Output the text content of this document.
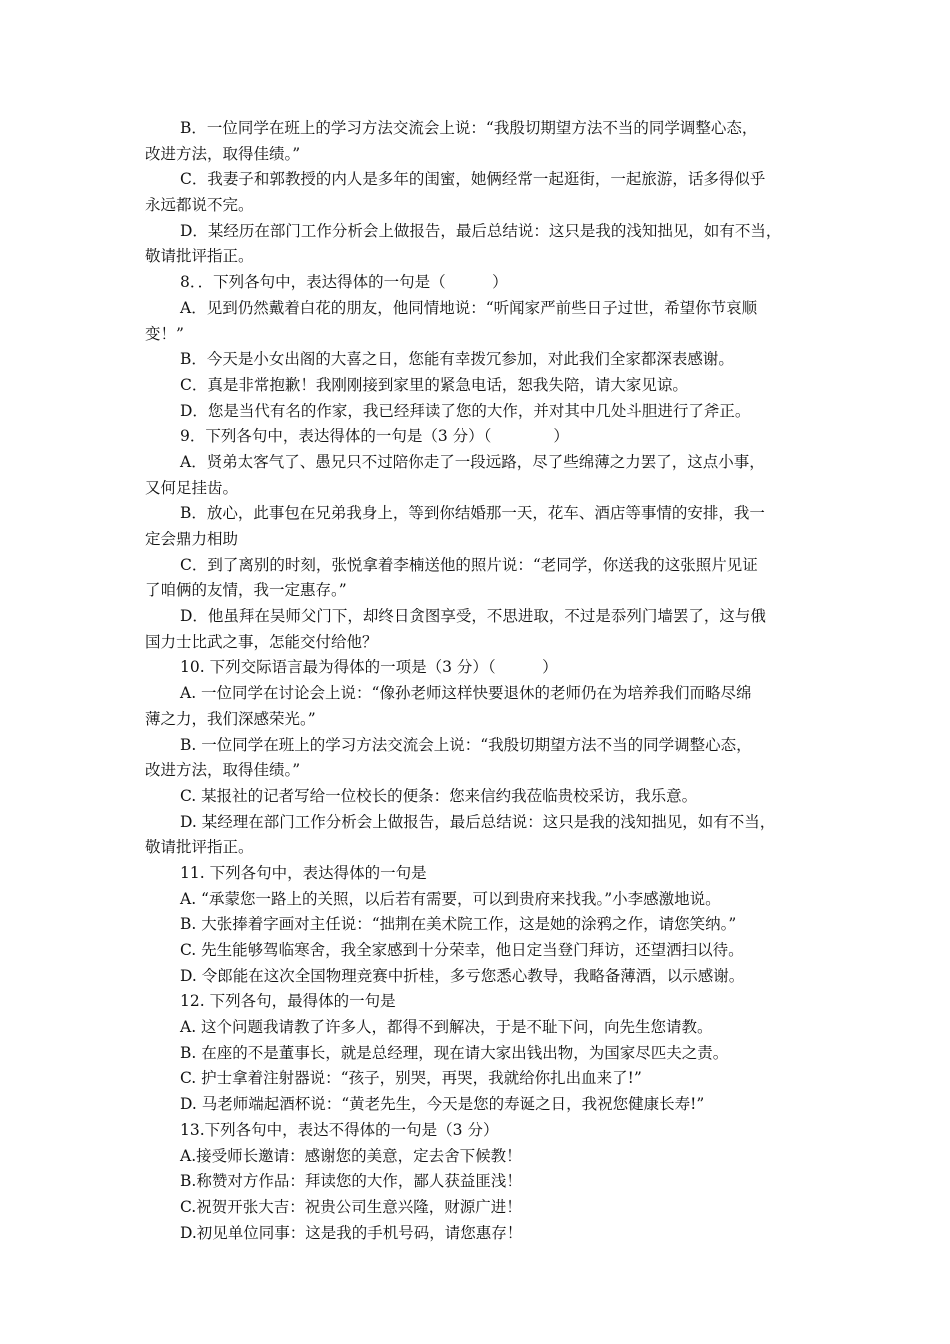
B．一位同学在班上的学习方法交流会上说：“我殷切期望方法不当的同学调整心态，
改进方法，取得佳绩。”
C．我妻子和郭教授的内人是多年的闺蜜，她俩经常一起逛街，一起旅游，话多得似乎
永远都说不完。
D．某经历在部门工作分析会上做报告，最后总结说：这只是我的浅知拙见，如有不当，
敬请批评指正。
8．．下列各句中，表达得体的一句是（　　　）
A．见到仍然戴着白花的朋友，他同情地说：“听闻家严前些日子过世，希望你节哀顺
变！”
B．今天是小女出阁的大喜之日，您能有幸拨冗参加，对此我们全家都深表感谢。
C．真是非常抱歉！我刚刚接到家里的紧急电话，恕我失陪，请大家见谅。
D．您是当代有名的作家，我已经拜读了您的大作，并对其中几处斗胆进行了斧正。
9．下列各句中，表达得体的一句是（3 分）（　　　　）
A．贤弟太客气了、愚兄只不过陪你走了一段远路，尽了些绵薄之力罢了，这点小事，
又何足挂齿。
B．放心，此事包在兄弟我身上，等到你结婚那一天，花车、酒店等事情的安排，我一
定会鼎力相助
C．到了离别的时刻，张悦拿着李楠送他的照片说：“老同学，你送我的这张照片见证
了咱俩的友情，我一定惠存。”
D．他虽拜在吴师父门下，却终日贪图享受，不思进取，不过是忝列门墙罢了，这与俄
国力士比武之事，怎能交付给他？
10. 下列交际语言最为得体的一项是（3 分）（　　　）
A. 一位同学在讨论会上说：“像孙老师这样快要退休的老师仍在为培养我们而略尽绵
薄之力，我们深感荣光。”
B. 一位同学在班上的学习方法交流会上说：“我殷切期望方法不当的同学调整心态，
改进方法，取得佳绩。”
C. 某报社的记者写给一位校长的便条：您来信约我莅临贵校采访，我乐意。
D. 某经理在部门工作分析会上做报告，最后总结说：这只是我的浅知拙见，如有不当，
敬请批评指正。
11. 下列各句中，表达得体的一句是
A. “承蒙您一路上的关照，以后若有需要，可以到贵府来找我。”小李感激地说。
B. 大张捧着字画对主任说：“拙荆在美术院工作，这是她的涂鸦之作，请您笑纳。”
C. 先生能够驾临寒舍，我全家感到十分荣幸，他日定当登门拜访，还望洒扫以待。
D. 令郎能在这次全国物理竞赛中折桂，多亏您悉心教导，我略备薄酒，以示感谢。
12. 下列各句，最得体的一句是
A. 这个问题我请教了许多人，都得不到解决，于是不耻下问，向先生您请教。
B. 在座的不是董事长，就是总经理，现在请大家出钱出物，为国家尽匹夫之责。
C. 护士拿着注射器说：“孩子，别哭，再哭，我就给你扎出血来了!”
D. 马老师端起酒杯说：“黄老先生，今天是您的寿诞之日，我祝您健康长寿!”
13.下列各句中，表达不得体的一句是（3 分）
A.接受师长邀请：感谢您的美意，定去舍下候教！
B.称赞对方作品：拜读您的大作，鄙人获益匪浅！
C.祝贺开张大吉：祝贵公司生意兴隆，财源广进！
D.初见单位同事：这是我的手机号码，请您惠存！
